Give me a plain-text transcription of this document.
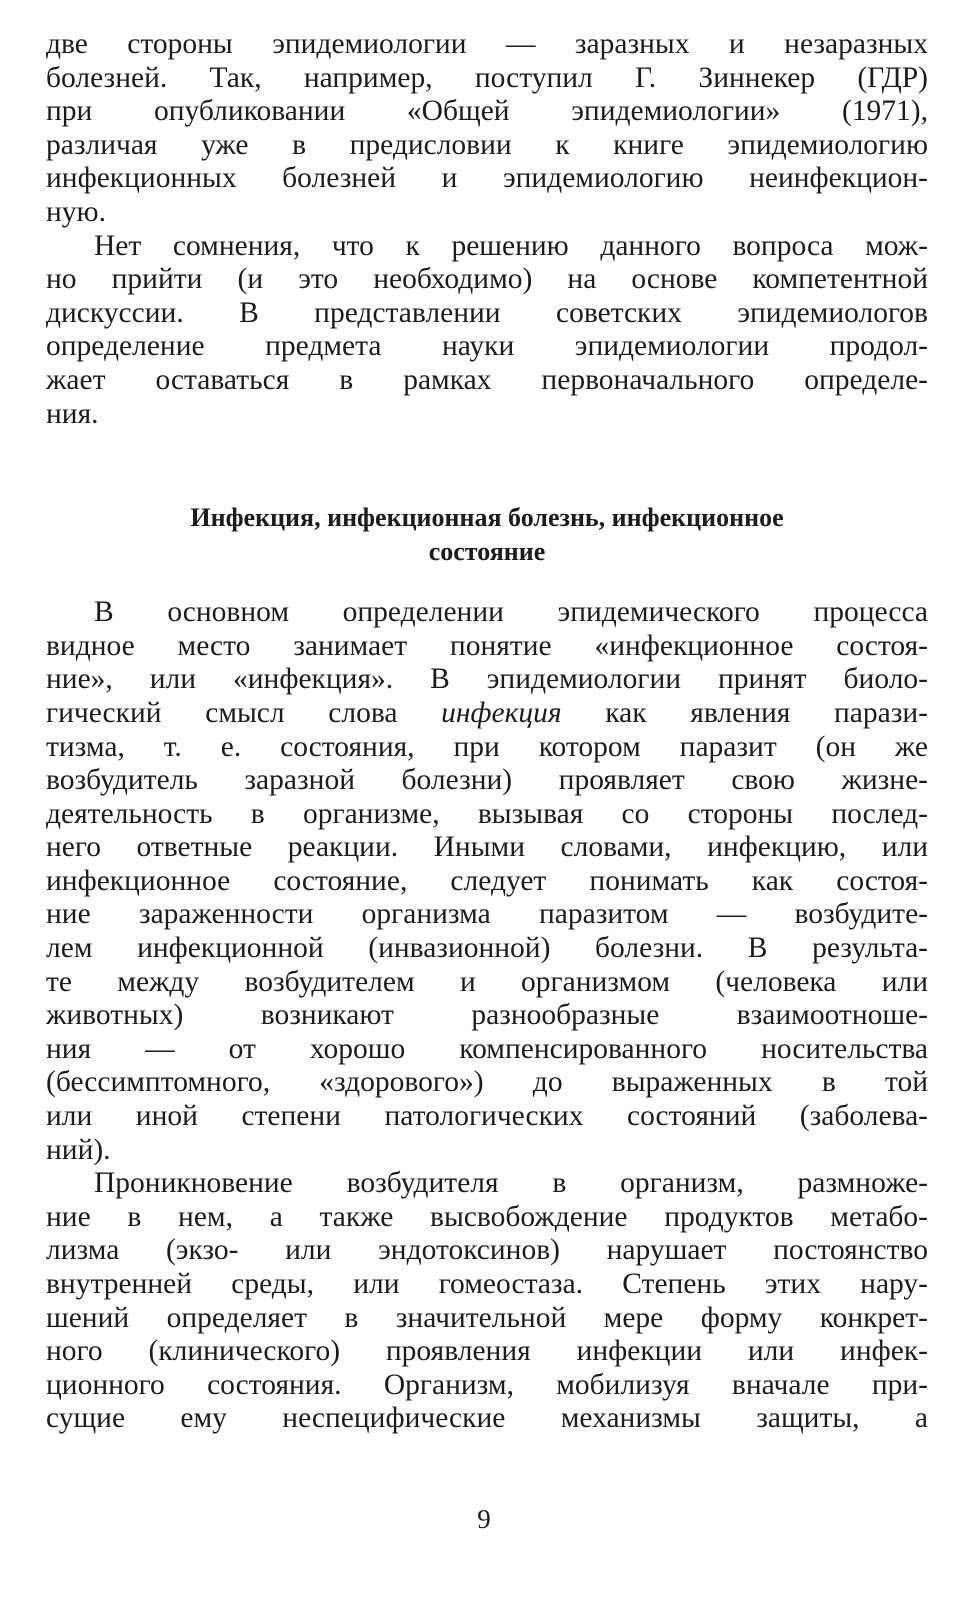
две стороны эпидемиологии — заразных и незаразных
болезней. Так, например, поступил Г. Зиннекер (ГДР)
при опубликовании «Общей эпидемиологии» (1971),
различая уже в предисловии к книге эпидемиологию
инфекционных болезней и эпидемиологию неинфекцион-
ную.
Нет сомнения, что к решению данного вопроса мож-
но прийти (и это необходимо) на основе компетентной
дискуссии. В представлении советских эпидемиологов
определение предмета науки эпидемиологии продол-
жает оставаться в рамках первоначального определе-
ния.
Инфекция, инфекционная болезнь, инфекционное
состояние
В основном определении эпидемического процесса
видное место занимает понятие «инфекционное состоя-
ние», или «инфекция». В эпидемиологии принят биоло-
гический смысл слова инфекция как явления парази-
тизма, т. е. состояния, при котором паразит (он же
возбудитель заразной болезни) проявляет свою жизне-
деятельность в организме, вызывая со стороны послед-
него ответные реакции. Иными словами, инфекцию, или
инфекционное состояние, следует понимать как состоя-
ние зараженности организма паразитом — возбудите-
лем инфекционной (инвазионной) болезни. В результа-
те между возбудителем и организмом (человека или
животных) возникают разнообразные взаимоотноше-
ния — от хорошо компенсированного носительства
(бессимптомного, «здорового») до выраженных в той
или иной степени патологических состояний (заболева-
ний).
Проникновение возбудителя в организм, размноже-
ние в нем, а также высвобождение продуктов метабо-
лизма (экзо- или эндотоксинов) нарушает постоянство
внутренней среды, или гомеостаза. Степень этих нару-
шений определяет в значительной мере форму конкрет-
ного (клинического) проявления инфекции или инфек-
ционного состояния. Организм, мобилизуя вначале при-
сущие ему неспецифические механизмы защиты, а
9
